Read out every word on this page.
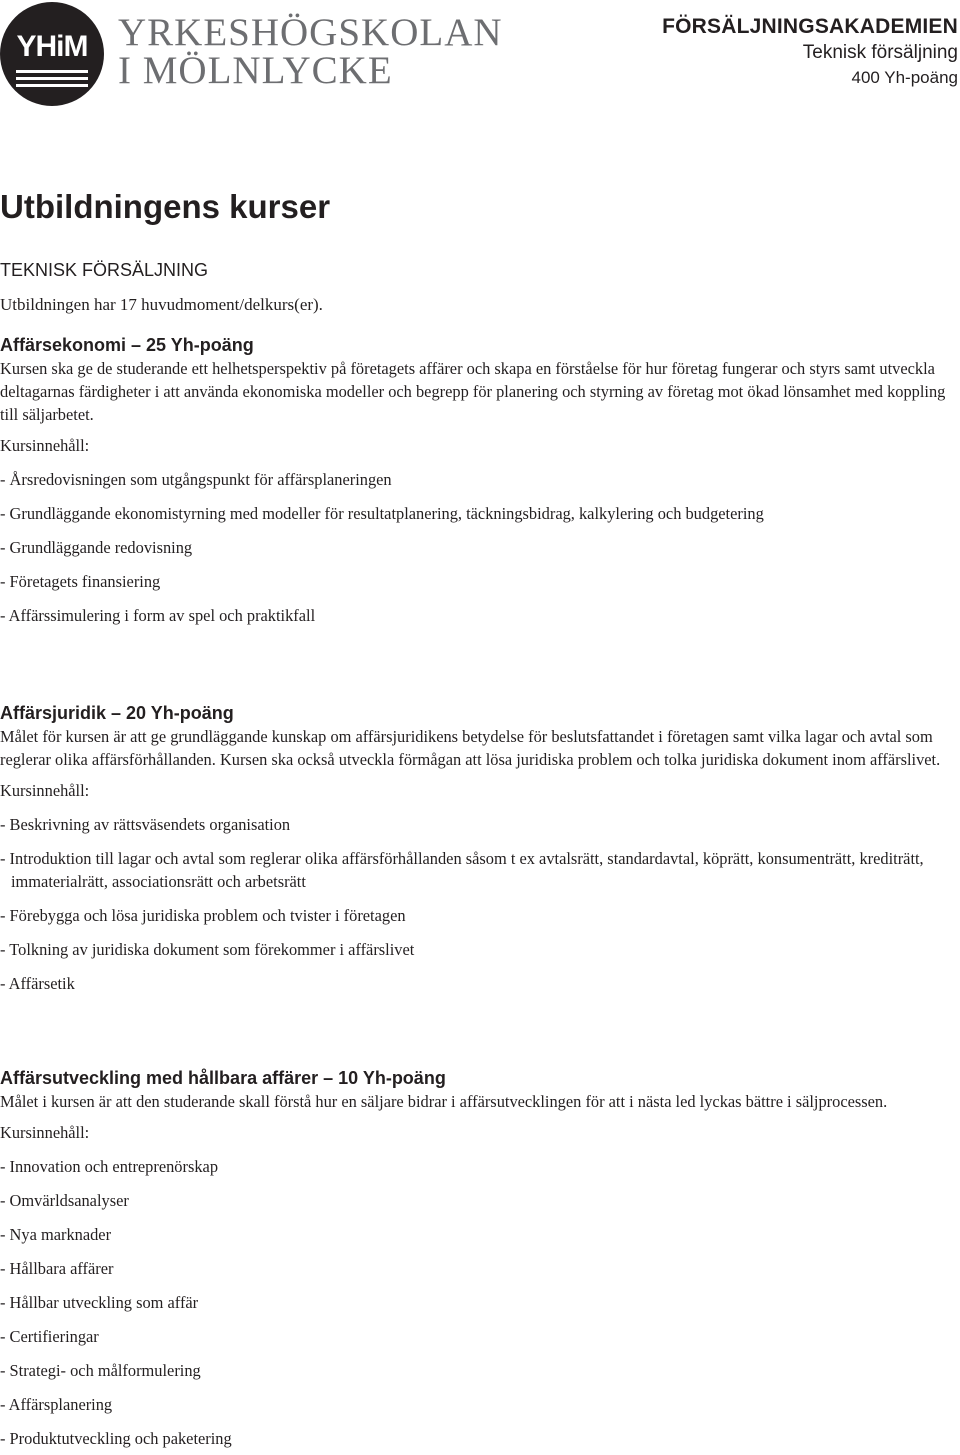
YHiM YRKESHÖGSKOLAN
I MÖLNLYCKE
FÖRSÄLJNINGSAKADEMIEN
Teknisk försäljning
400 Yh-poäng
Utbildningens kurser
TEKNISK FÖRSÄLJNING
Utbildningen har 17 huvudmoment/delkurs(er).
Affärsekonomi – 25 Yh-poäng

Kursen ska ge de studerande ett helhetsperspektiv på företagets affärer och skapa en förståelse för hur företag fungerar och styrs samt utveckla deltagarnas färdigheter i att använda ekonomiska modeller och begrepp för planering och styrning av företag mot ökad lönsamhet med koppling till säljarbetet.

Kursinnehåll:

- Årsredovisningen som utgångspunkt för affärsplaneringen
- Grundläggande ekonomistyrning med modeller för resultatplanering, täckningsbidrag, kalkylering och budgetering
- Grundläggande redovisning
- Företagets finansiering
- Affärssimulering i form av spel och praktikfall
Affärsjuridik – 20 Yh-poäng

Målet för kursen är att ge grundläggande kunskap om affärsjuridikens betydelse för beslutsfattandet i företagen samt vilka lagar och avtal som reglerar olika affärsförhållanden. Kursen ska också utveckla förmågan att lösa juridiska problem och tolka juridiska dokument inom affärslivet.

Kursinnehåll:

- Beskrivning av rättsväsendets organisation
- Introduktion till lagar och avtal som reglerar olika affärsförhållanden såsom t ex avtalsrätt, standardavtal, köprätt, konsumenträtt, krediträtt, immaterialrätt, associationsrätt och arbetsrätt
- Förebygga och lösa juridiska problem och tvister i företagen
- Tolkning av juridiska dokument som förekommer i affärslivet
- Affärsetik
Affärsutveckling med hållbara affärer – 10 Yh-poäng

Målet i kursen är att den studerande skall förstå hur en säljare bidrar i affärsutvecklingen för att i nästa led lyckas bättre i säljprocessen.

Kursinnehåll:

- Innovation och entreprenörskap
- Omvärldsanalyser
- Nya marknader
- Hållbara affärer
- Hållbar utveckling som affär
- Certifieringar
- Strategi- och målformulering
- Affärsplanering
- Produktutveckling och paketering
